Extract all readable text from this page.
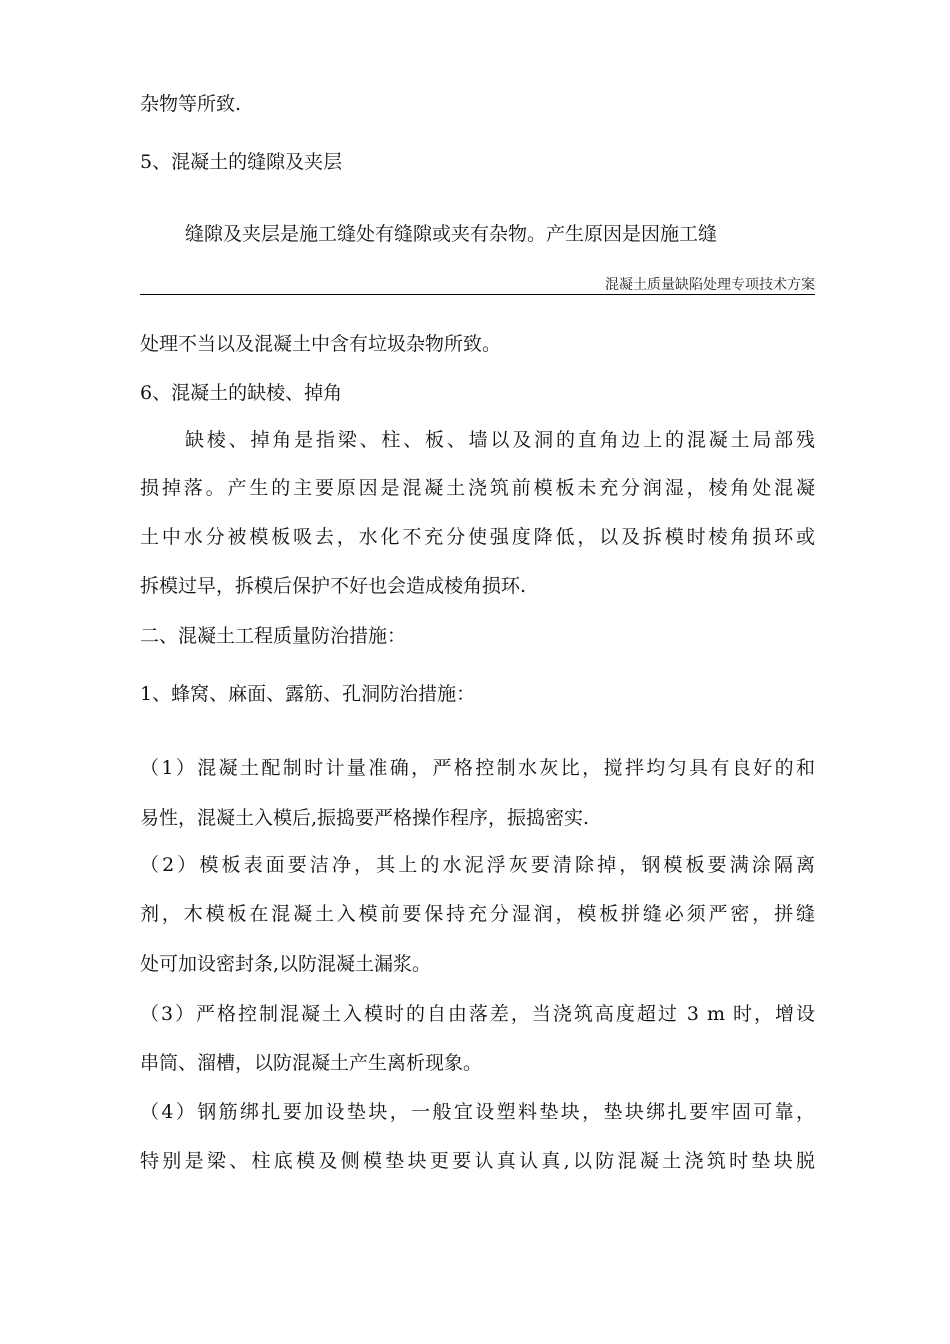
杂物等所致.
5、混凝土的缝隙及夹层
缝隙及夹层是施工缝处有缝隙或夹有杂物。产生原因是因施工缝
混凝土质量缺陷处理专项技术方案
处理不当以及混凝土中含有垃圾杂物所致。
6、混凝土的缺棱、掉角
缺棱、掉角是指梁、柱、板、墙以及洞的直角边上的混凝土局部残
损掉落。产生的主要原因是混凝土浇筑前模板未充分润湿，棱角处混凝
土中水分被模板吸去，水化不充分使强度降低，以及拆模时棱角损环或
拆模过早，拆模后保护不好也会造成棱角损环.
二、混凝土工程质量防治措施：
1、蜂窝、麻面、露筋、孔洞防治措施：
（1）混凝土配制时计量准确，严格控制水灰比，搅拌均匀具有良好的和
易性，混凝土入模后,振捣要严格操作程序，振捣密实.
（2）模板表面要洁净，其上的水泥浮灰要清除掉，钢模板要满涂隔离
剂，木模板在混凝土入模前要保持充分湿润，模板拼缝必须严密，拼缝
处可加设密封条,以防混凝土漏浆。
（3）严格控制混凝土入模时的自由落差，当浇筑高度超过 3 m 时，增设
串筒、溜槽，以防混凝土产生离析现象。
（4）钢筋绑扎要加设垫块，一般宜设塑料垫块，垫块绑扎要牢固可靠，
特别是梁、柱底模及侧模垫块更要认真认真,以防混凝土浇筑时垫块脱
